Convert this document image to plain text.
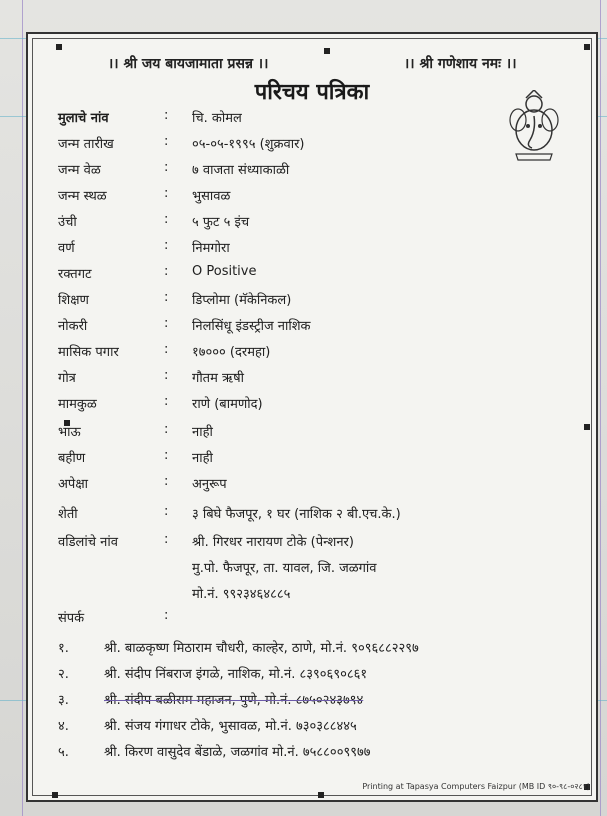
।। श्री जय बायजामाता प्रसन्न ।।	।। श्री गणेशाय नमः ।।
परिचय पत्रिका
मुलाचे नांव	: चि. कोमल
जन्म तारीख	: ०५-०५-१९९५ (शुक्रवार)
जन्म वेळ	: ७ वाजता संध्याकाळी
जन्म स्थळ	: भुसावळ
उंची	: ५ फुट ५ इंच
वर्ण	: निमगोरा
रक्तगट	: O Positive
शिक्षण	: डिप्लोमा (मॅकेनिकल)
नोकरी	: निलसिंधू इंडस्ट्रीज नाशिक
मासिक पगार	: १७००० (दरमहा)
गोत्र	: गौतम ऋषी
मामकुळ	: राणे (बामणोद)
भाऊ	: नाही
बहीण	: नाही
अपेक्षा	: अनुरूप
शेती	: ३ बिघे फैजपूर, १ घर (नाशिक २ बी.एच.के.)
वडिलांचे नांव	: श्री. गिरधर नारायण टोके (पेन्शनर)
मु.पो. फैजपूर, ता. यावल, जि. जळगांव
मो.नं. ९९२३४६४८८५
संपर्क	:
१.	श्री. बाळकृष्ण मिठाराम चौधरी, काल्हेर, ठाणे, मो.नं. ९०९६८८२२९७
२.	श्री. संदीप निंबराज इंगळे, नाशिक, मो.नं. ८३९०६९०८६१
३.	श्री. संदीप बळीराम महाजन, पुणे, मो.नं. ८७५०२४३७९४
४.	श्री. संजय गंगाधर टोके, भुसावळ, मो.नं. ७३०३८८४४५
५.	श्री. किरण वासुदेव बेंडाळे, जळगांव मो.नं. ७५८८००९९७७
Printing at Tapasya Computers Faizpur (MB ID ९०-९८-०२८१)
